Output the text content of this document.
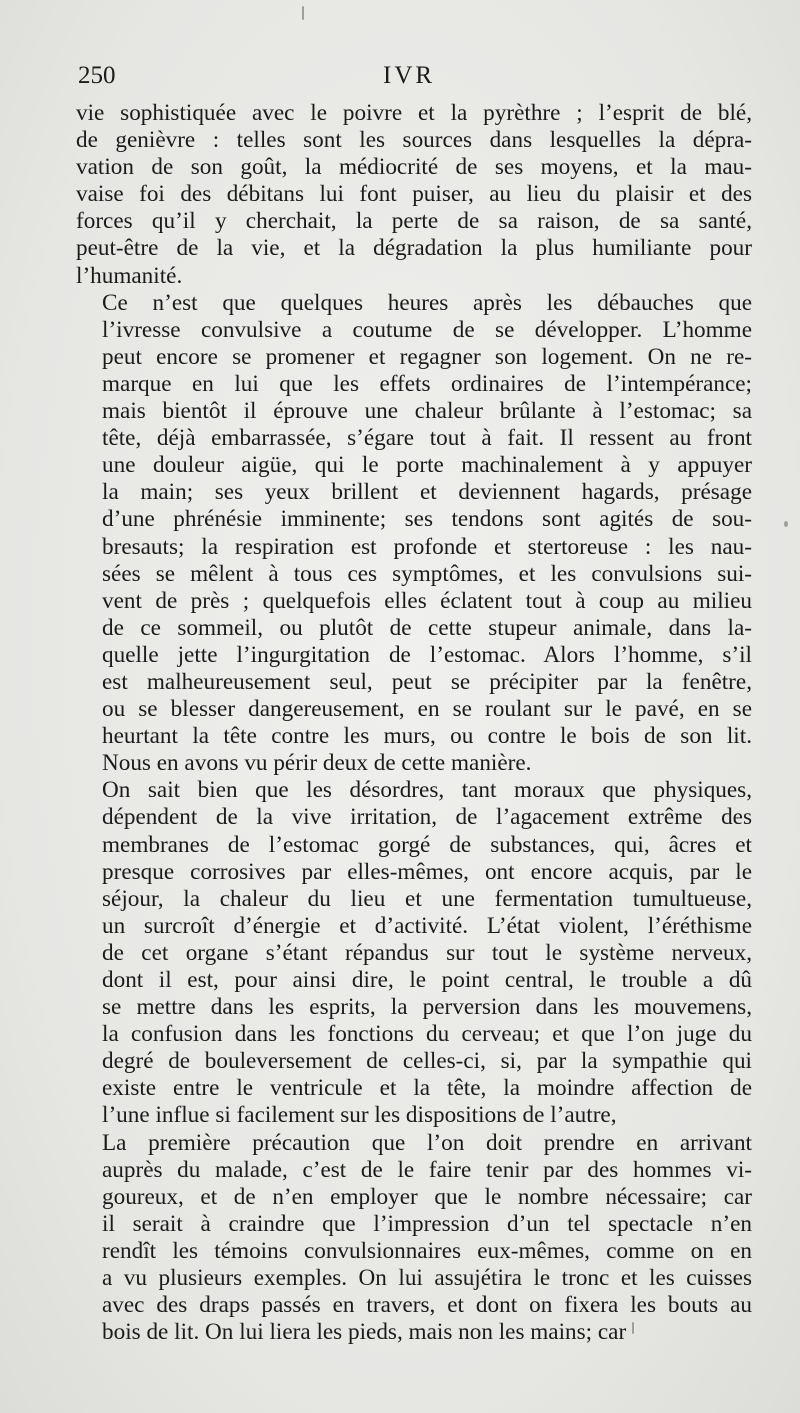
250	IVR
vie sophistiquée avec le poivre et la pyrèthre ; l’esprit de blé,
de genièvre : telles sont les sources dans lesquelles la dépra-
vation de son goût, la médiocrité de ses moyens, et la mau-
vaise foi des débitans lui font puiser, au lieu du plaisir et des
forces qu’il y cherchait, la perte de sa raison, de sa santé,
peut-être de la vie, et la dégradation la plus humiliante pour
l’humanité.
Ce n’est que quelques heures après les débauches que
l’ivresse convulsive a coutume de se développer. L’homme
peut encore se promener et regagner son logement. On ne re-
marque en lui que les effets ordinaires de l’intempérance;
mais bientôt il éprouve une chaleur brûlante à l’estomac; sa
tête, déjà embarrassée, s’égare tout à fait. Il ressent au front
une douleur aigüe, qui le porte machinalement à y appuyer
la main; ses yeux brillent et deviennent hagards, présage
d’une phrénésie imminente; ses tendons sont agités de sou-
bresauts; la respiration est profonde et stertoreuse : les nau-
sées se mêlent à tous ces symptômes, et les convulsions sui-
vent de près ; quelquefois elles éclatent tout à coup au milieu
de ce sommeil, ou plutôt de cette stupeur animale, dans la-
quelle jette l’ingurgitation de l’estomac. Alors l’homme, s’il
est malheureusement seul, peut se précipiter par la fenêtre,
ou se blesser dangereusement, en se roulant sur le pavé, en se
heurtant la tête contre les murs, ou contre le bois de son lit.
Nous en avons vu périr deux de cette manière.
On sait bien que les désordres, tant moraux que physiques,
dépendent de la vive irritation, de l’agacement extrême des
membranes de l’estomac gorgé de substances, qui, âcres et
presque corrosives par elles-mêmes, ont encore acquis, par le
séjour, la chaleur du lieu et une fermentation tumultueuse,
un surcroît d’énergie et d’activité. L’état violent, l’éréthisme
de cet organe s’étant répandus sur tout le système nerveux,
dont il est, pour ainsi dire, le point central, le trouble a dû
se mettre dans les esprits, la perversion dans les mouvemens,
la confusion dans les fonctions du cerveau; et que l’on juge du
degré de bouleversement de celles-ci, si, par la sympathie qui
existe entre le ventricule et la tête, la moindre affection de
l’une influe si facilement sur les dispositions de l’autre,
La première précaution que l’on doit prendre en arrivant
auprès du malade, c’est de le faire tenir par des hommes vi-
goureux, et de n’en employer que le nombre nécessaire; car
il serait à craindre que l’impression d’un tel spectacle n’en
rendît les témoins convulsionnaires eux-mêmes, comme on en
a vu plusieurs exemples. On lui assujétira le tronc et les cuisses
avec des draps passés en travers, et dont on fixera les bouts au
bois de lit. On lui liera les pieds, mais non les mains; car
